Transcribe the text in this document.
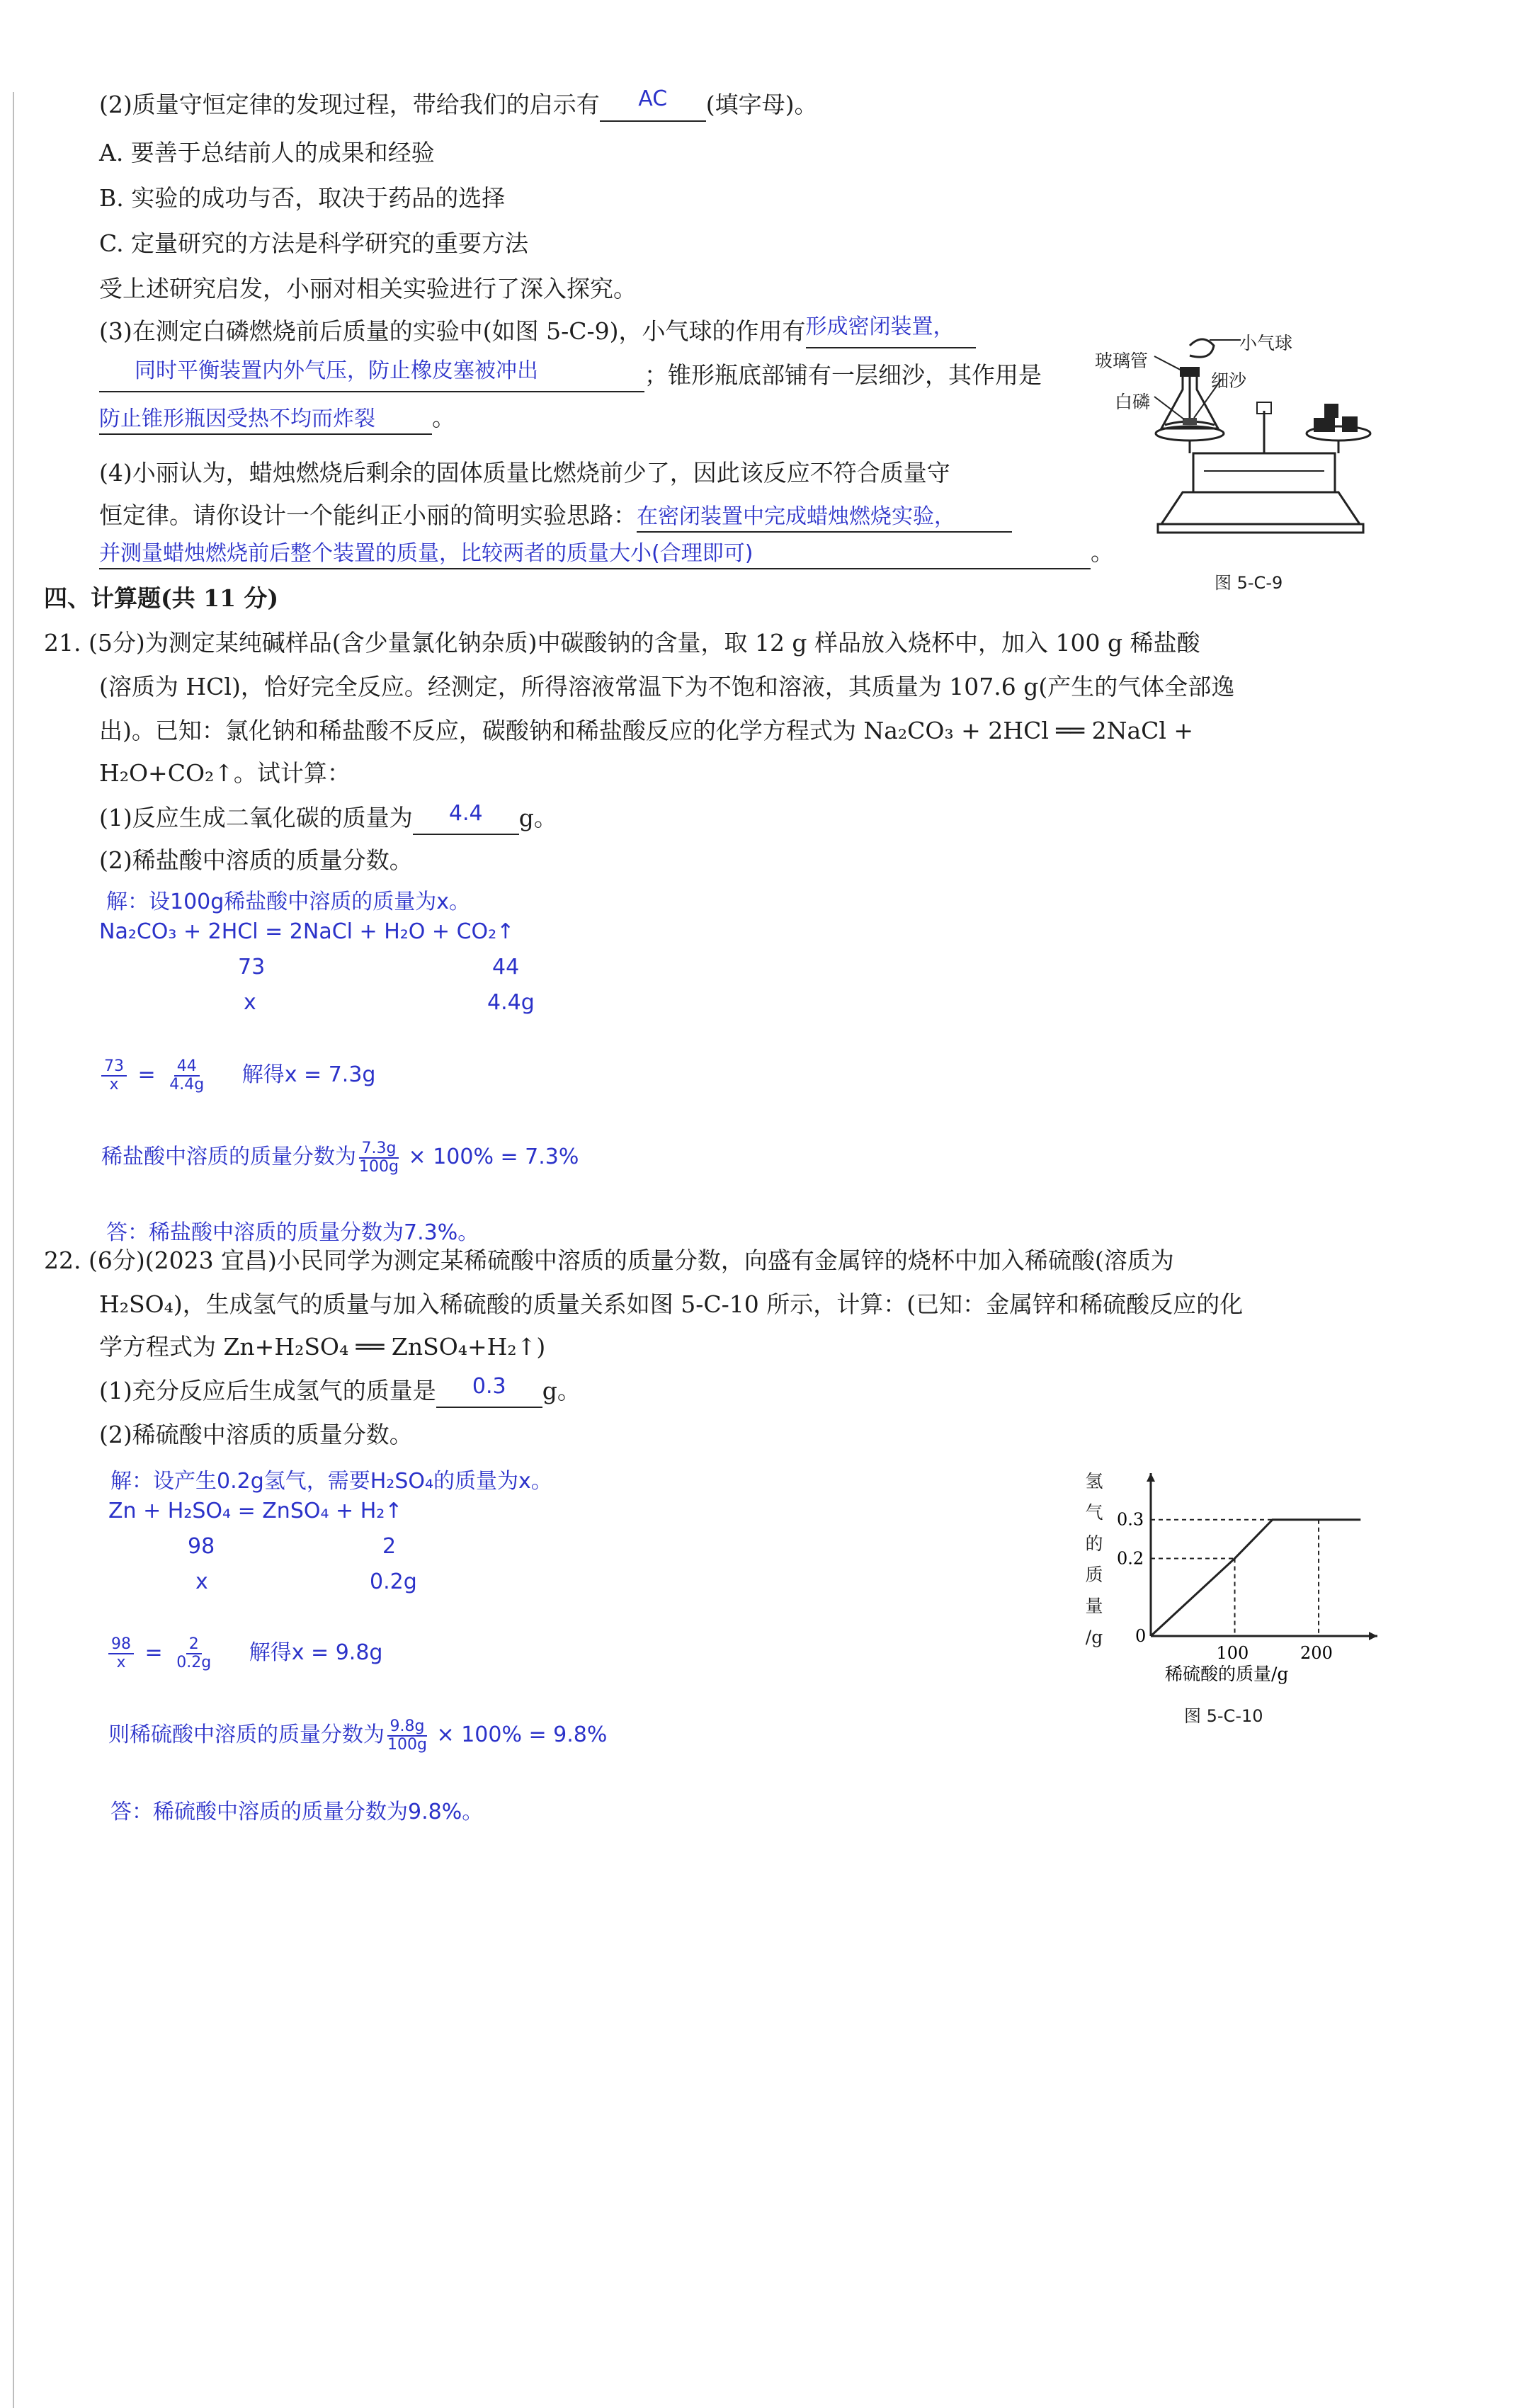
(2)质量守恒定律的发现过程，带给我们的启示有 AC (填字母)。
A. 要善于总结前人的成果和经验
B. 实验的成功与否，取决于药品的选择
C. 定量研究的方法是科学研究的重要方法
受上述研究启发，小丽对相关实验进行了深入探究。
(3)在测定白磷燃烧前后质量的实验中(如图 5-C-9)，小气球的作用有形成密闭装置，
同时平衡装置内外气压，防止橡皮塞被冲出	；锥形瓶底部铺有一层细沙，其作用是
防止锥形瓶因受热不均而炸裂 。
(4)小丽认为，蜡烛燃烧后剩余的固体质量比燃烧前少了，因此该反应不符合质量守
恒定律。请你设计一个能纠正小丽的简明实验思路：在密闭装置中完成蜡烛燃烧实验，
并测量蜡烛燃烧前后整个装置的质量，比较两者的质量大小(合理即可)	。
玻璃管
小气球
细沙
白磷
图 5-C-9
四、计算题(共 11 分)
21. (5分)为测定某纯碱样品(含少量氯化钠杂质)中碳酸钠的含量，取 12 g 样品放入烧杯中，加入 100 g 稀盐酸
(溶质为 HCl)，恰好完全反应。经测定，所得溶液常温下为不饱和溶液，其质量为 107.6 g(产生的气体全部逸
出)。已知：氯化钠和稀盐酸不反应，碳酸钠和稀盐酸反应的化学方程式为 Na₂CO₃ + 2HCl ══ 2NaCl +
H₂O+CO₂↑。试计算：
(1)反应生成二氧化碳的质量为 4.4 g。
(2)稀盐酸中溶质的质量分数。
解：设100g稀盐酸中溶质的质量为x。
Na₂CO₃ + 2HCl = 2NaCl + H₂O + CO₂↑
73	44
x	4.4g
$\frac{73}{x} = \frac{44}{4.4g}$ 解得x = 7.3g
稀盐酸中溶质的质量分数为 $\frac{7.3g}{100g} \times 100\% = 7.3\%$
答：稀盐酸中溶质的质量分数为7.3%。
22. (6分)(2023 宜昌)小民同学为测定某稀硫酸中溶质的质量分数，向盛有金属锌的烧杯中加入稀硫酸(溶质为
H₂SO₄)，生成氢气的质量与加入稀硫酸的质量关系如图 5-C-10 所示，计算：(已知：金属锌和稀硫酸反应的化
学方程式为 Zn+H₂SO₄ ══ ZnSO₄+H₂↑)
(1)充分反应后生成氢气的质量是 0.3 g。
(2)稀硫酸中溶质的质量分数。
解：设产生0.2g氢气，需要H₂SO₄的质量为x。
Zn + H₂SO₄ = ZnSO₄ + H₂↑
98	2
x	0.2g
$\frac{98}{x} = \frac{2}{0.2g}$ 解得x = 9.8g
则稀硫酸中溶质的质量分数为 $\frac{9.8g}{100g} \times 100\% = 9.8\%$
答：稀硫酸中溶质的质量分数为9.8%。
氢
气
的
质
量
/g	0
100	200
0.2
0.3
稀硫酸的质量/g
图 5-C-10
